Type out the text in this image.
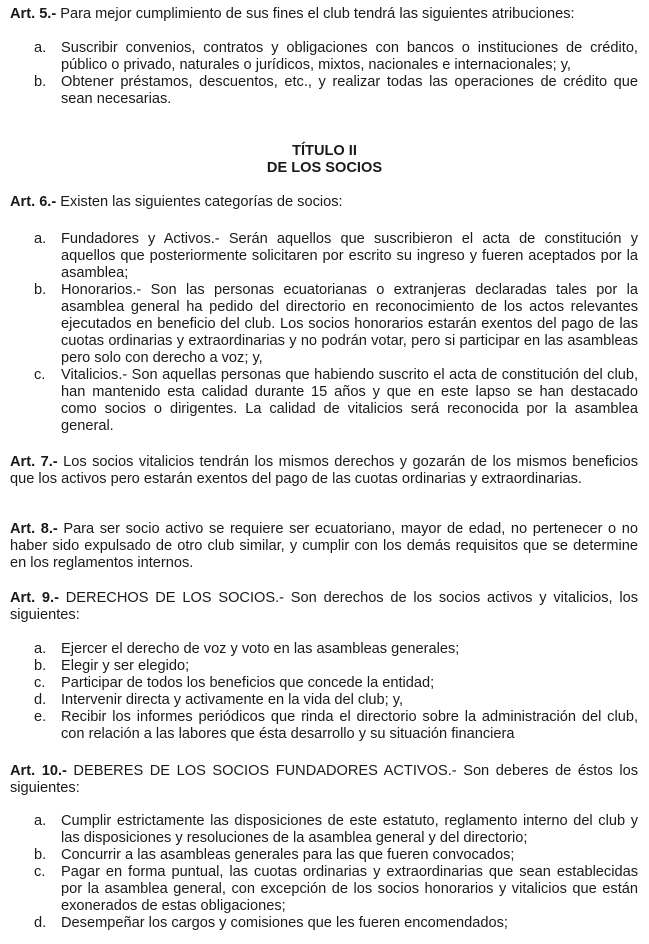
Art. 5.- Para mejor cumplimiento de sus fines el club tendrá las siguientes atribuciones:

a. Suscribir convenios, contratos y obligaciones con bancos o instituciones de crédito, público o privado, naturales o jurídicos, mixtos, nacionales e internacionales; y,
b. Obtener préstamos, descuentos, etc., y realizar todas las operaciones de crédito que sean necesarias.

TÍTULO II

DE LOS SOCIOS

Art. 6.- Existen las siguientes categorías de socios:

a. Fundadores y Activos.- Serán aquellos que suscribieron el acta de constitución y aquellos que posteriormente solicitaren por escrito su ingreso y fueren aceptados por la asamblea;
b. Honorarios.- Son las personas ecuatorianas o extranjeras declaradas tales por la asamblea general ha pedido del directorio en reconocimiento de los actos relevantes ejecutados en beneficio del club. Los socios honorarios estarán exentos del pago de las cuotas ordinarias y extraordinarias y no podrán votar, pero si participar en las asambleas pero solo con derecho a voz; y,
c. Vitalicios.- Son aquellas personas que habiendo suscrito el acta de constitución del club, han mantenido esta calidad durante 15 años y que en este lapso se han destacado como socios o dirigentes. La calidad de vitalicios será reconocida por la asamblea general.

Art. 7.- Los socios vitalicios tendrán los mismos derechos y gozarán de los mismos beneficios que los activos pero estarán exentos del pago de las cuotas ordinarias y extraordinarias.

Art. 8.- Para ser socio activo se requiere ser ecuatoriano, mayor de edad, no pertenecer o no haber sido expulsado de otro club similar, y cumplir con los demás requisitos que se determine en los reglamentos internos.

Art. 9.- DERECHOS DE LOS SOCIOS.- Son derechos de los socios activos y vitalicios, los siguientes:

a. Ejercer el derecho de voz y voto en las asambleas generales;
b. Elegir y ser elegido;
c. Participar de todos los beneficios que concede la entidad;
d. Intervenir directa y activamente en la vida del club; y,
e. Recibir los informes periódicos que rinda el directorio sobre la administración del club, con relación a las labores que ésta desarrollo y su situación financiera

Art. 10.- DEBERES DE LOS SOCIOS FUNDADORES ACTIVOS.- Son deberes de éstos los siguientes:

a. Cumplir estrictamente las disposiciones de este estatuto, reglamento interno del club y las disposiciones y resoluciones de la asamblea general y del directorio;
b. Concurrir a las asambleas generales para las que fueren convocados;
c. Pagar en forma puntual, las cuotas ordinarias y extraordinarias que sean establecidas por la asamblea general, con excepción de los socios honorarios y vitalicios que están exonerados de estas obligaciones;
d. Desempeñar los cargos y comisiones que les fueren encomendados;
